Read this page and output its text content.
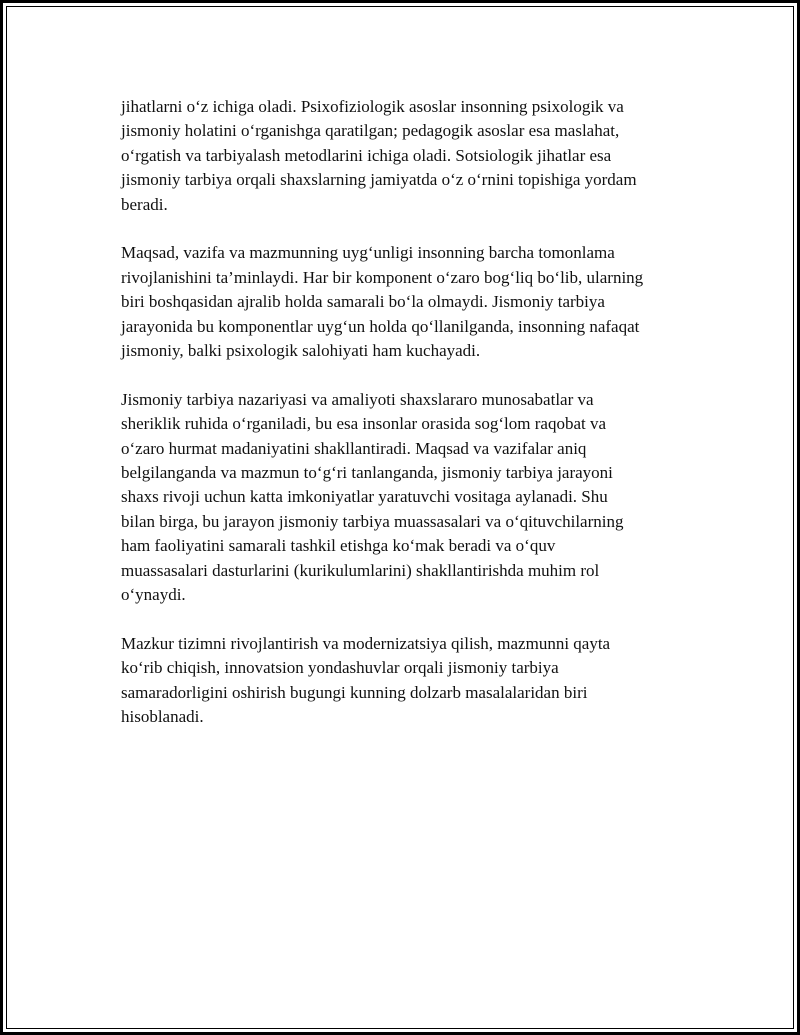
jihatlarni o‘z ichiga oladi. Psixofiziologik asoslar insonning psixologik va
jismoniy holatini o‘rganishga qaratilgan; pedagogik asoslar esa maslahat,
o‘rgatish va tarbiyalash metodlarini ichiga oladi. Sotsiologik jihatlar esa
jismoniy tarbiya orqali shaxslarning jamiyatda o‘z o‘rnini topishiga yordam
beradi.

Maqsad, vazifa va mazmunning uyg‘unligi insonning barcha tomonlama
rivojlanishini ta’minlaydi. Har bir komponent o‘zaro bog‘liq bo‘lib, ularning
biri boshqasidan ajralib holda samarali bo‘la olmaydi. Jismoniy tarbiya
jarayonida bu komponentlar uyg‘un holda qo‘llanilganda, insonning nafaqat
jismoniy, balki psixologik salohiyati ham kuchayadi.

Jismoniy tarbiya nazariyasi va amaliyoti shaxslararo munosabatlar va
sheriklik ruhida o‘rganiladi, bu esa insonlar orasida sog‘lom raqobat va
o‘zaro hurmat madaniyatini shakllantiradi. Maqsad va vazifalar aniq
belgilanganda va mazmun to‘g‘ri tanlanganda, jismoniy tarbiya jarayoni
shaxs rivoji uchun katta imkoniyatlar yaratuvchi vositaga aylanadi. Shu
bilan birga, bu jarayon jismoniy tarbiya muassasalari va o‘qituvchilarning
ham faoliyatini samarali tashkil etishga ko‘mak beradi va o‘quv
muassasalari dasturlarini (kurikulumlarini) shakllantirishda muhim rol
o‘ynaydi.

Mazkur tizimni rivojlantirish va modernizatsiya qilish, mazmunni qayta
ko‘rib chiqish, innovatsion yondashuvlar orqali jismoniy tarbiya
samaradorligini oshirish bugungi kunning dolzarb masalalaridan biri
hisoblanadi.
